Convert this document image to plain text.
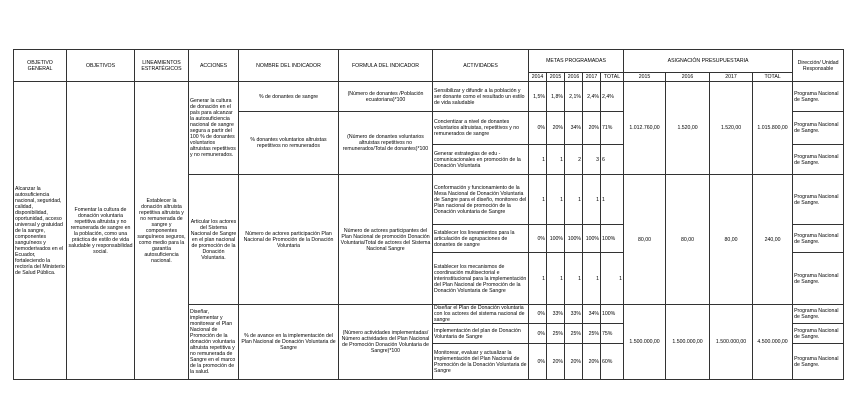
OBJETIVO GENERAL	OBJETIVOS	LINEAMIENTOS ESTRATÉGICOS	ACCIONES	NOMBRE DEL INDICADOR	FORMULA DEL INDICADOR	ACTIVIDADES	METAS PROGRAMADAS					ASIGNACIÓN PRESUPUESTARIA				Dirección/ Unidad Responsable
							2014	2015	2016	2017	TOTAL	2015	2016	2017	TOTAL	
Alcanzar la autosuficiencia nacional, seguridad, calidad, disponibilidad, oportunidad, acceso universal y gratuidad de la sangre, componentes sanguíneos y hemoderivados en el Ecuador, fortaleciendo la rectoría del Ministerio de Salud Pública.	Fomentar la cultura de donación voluntaria repetitiva altruista y no remunerada de sangre en la población, como una práctica de estilo de vida saludable y responsabilidad social.	Establecer la donación altruista repetitiva altruista y no remunerada de sangre y componentes sanguíneos seguros, como medio para la garantía autosuficiencia nacional.	Generar la cultura de donación en el país para alcanzar la autosuficiencia nacional de sangre segura a partir del 100 % de donantes voluntarios altruistas repetitivos y no remunerados.	% de donantes de sangre	(Número de donantes /Población ecuatoriana)*100	Sensibilizar y difundir a la población y ser donante como el resultado un estilo de vida saludable	1,5%	1,8%	2,1%	2,4%	2,4%	1.012.760,00	1.520,00	1.520,00	1.015.800,00	Programa Nacional de Sangre.
				% donantes voluntarios altruistas repetitivos no remunerados	(Número de donantes voluntarios altruistas repetitivos no remunerados/Total de donantes)*100	Concientizar a nivel de donantes voluntarios altruistas, repetitivos y no remunerados de sangre	0%	20%	34%	20%	71%					Programa Nacional de Sangre.
						Generar estrategias de edu - comunicacionales en promoción de la Donación Voluntaria	1	1	2	3	6					Programa Nacional de Sangre.
			Articular los actores del Sistema Nacional de Sangre en el plan nacional de promoción de la Donación Voluntaria.	Número de actores participación Plan Nacional de Promoción de la Donación Voluntaria	Número de actores participantes del Plan Nacional de promoción Donación Voluntaria/Total de actores del Sistema Nacional Sangre	Conformación y funcionamiento de la Mesa Nacional de Donación Voluntaria de Sangre para el diseño, monitoreo del Plan nacional de promoción de la Donación voluntaria de Sangre	1	1	1	1	1	80,00	80,00	80,00	240,00	Programa Nacional de Sangre.
						Establecer los lineamientos para la articulación de agrupaciones de donantes de sangre	0%	100%	100%	100%	100%					Programa Nacional de Sangre.
						Establecer los mecanismos de coordinación multisectorial e interinstitucional para la implementación del Plan Nacional de Promoción de la Donación Voluntaria de Sangre	1	1	1	1	1					Programa Nacional de Sangre.
			Diseñar, implementar y monitorear el Plan Nacional de Promoción de la donación voluntaria altruista repetitiva y no remunerada de Sangre en el marco de la promoción de la salud.	% de avance en la implementación del Plan Nacional de Donación Voluntaria de Sangre	(Número actividades implementadas/ Número actividades del Plan Nacional de Promoción Donación Voluntaria de Sangre)*100	Diseñar el Plan de Donación voluntaria con los actores del sistema nacional de sangre	0%	33%	33%	34%	100%	1.500.000,00	1.500.000,00	1.500.000,00	4.500.000,00	Programa Nacional de Sangre.
						Implementación del plan de Donación Voluntaria de Sangre	0%	25%	25%	25%	75%					Programa Nacional de Sangre.
						Monitorear, evaluar y actualizar la implementación del Plan Nacional de Promoción de la Donación Voluntaria de Sangre	0%	20%	20%	20%	60%					Programa Nacional de Sangre.
